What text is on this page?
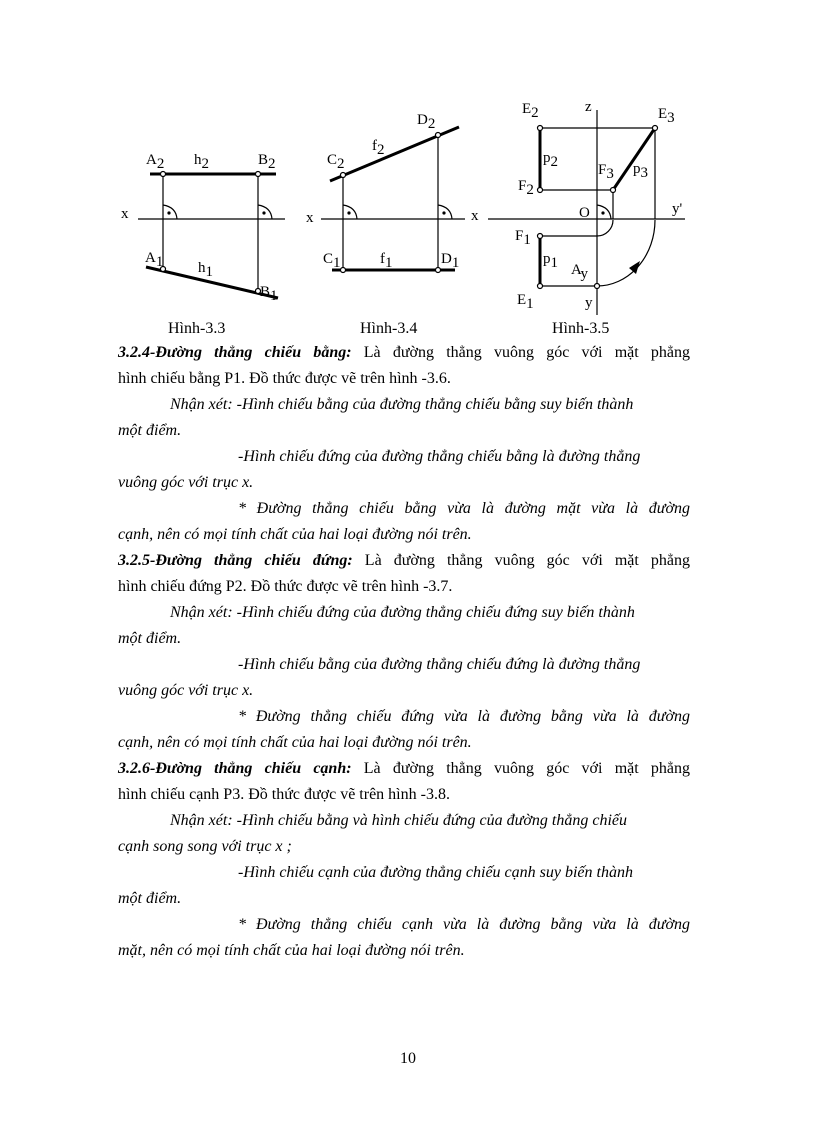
x
A2 h2	B2
A1 h1
B1
Hình-3.3
x
C2
f2
D2
C1	f1	D1
Hình-3.4
x
z
y'
y
O
E2	E3
p2	F3 p3
F2
F1
p1 Ay
E1
Hình-3.5

3.2.4-Đường thẳng chiếu bằng: Là đường thẳng vuông góc với mặt phẳng

hình chiếu bằng P1. Đồ thức được vẽ trên hình -3.6.

Nhận xét: -Hình chiếu bằng của đường thẳng chiếu bằng suy biến thành

một điểm.

-Hình chiếu đứng của đường thẳng chiếu bằng là đường thẳng

vuông góc với trục x.

* Đường thẳng chiếu bằng vừa là đường mặt vừa là đường

cạnh, nên có mọi tính chất của hai loại đường nói trên.

3.2.5-Đường thẳng chiếu đứng: Là đường thẳng vuông góc với mặt phẳng

hình chiếu đứng P2. Đồ thức được vẽ trên hình -3.7.

Nhận xét: -Hình chiếu đứng của đường thẳng chiếu đứng suy biến thành

một điểm.

-Hình chiếu bằng của đường thẳng chiếu đứng là đường thẳng

vuông góc với trục x.

* Đường thẳng chiếu đứng vừa là đường bằng vừa là đường

cạnh, nên có mọi tính chất của hai loại đường nói trên.

3.2.6-Đường thẳng chiếu cạnh: Là đường thẳng vuông góc với mặt phẳng

hình chiếu cạnh P3. Đồ thức được vẽ trên hình -3.8.

Nhận xét: -Hình chiếu bằng và hình chiếu đứng của đường thẳng chiếu

cạnh song song với trục x ;

-Hình chiếu cạnh của đường thẳng chiếu cạnh suy biến thành

một điểm.

* Đường thẳng chiếu cạnh vừa là đường bằng vừa là đường

mặt, nên có mọi tính chất của hai loại đường nói trên.

10
